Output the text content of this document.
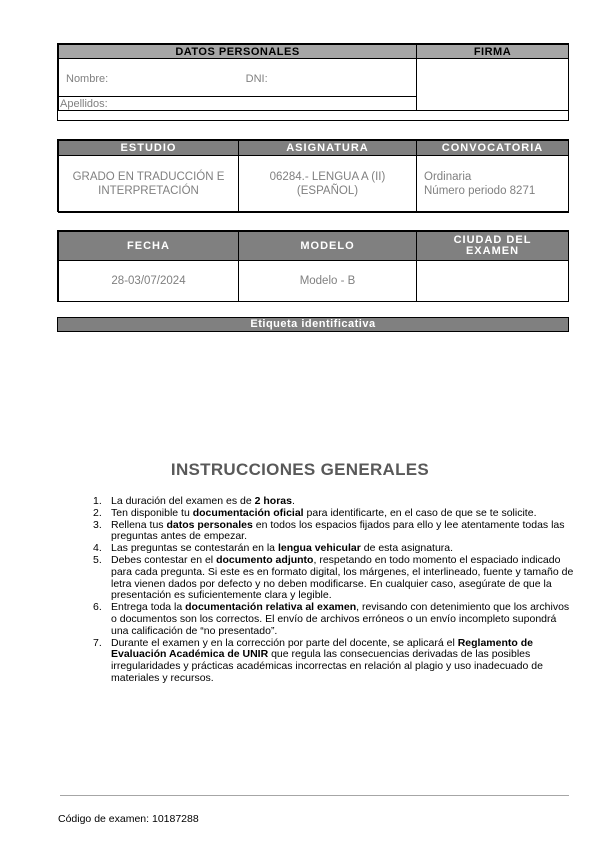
DATOS PERSONALES	FIRMA
Nombre: DNI:	
Apellidos:	
ESTUDIO	ASIGNATURA	CONVOCATORIA
GRADO EN TRADUCCIÓN E INTERPRETACIÓN	06284.- LENGUA A (II) (ESPAÑOL)	Ordinaria
Número periodo 8271
FECHA	MODELO	CIUDAD DEL EXAMEN
28-03/07/2024	Modelo - B	
Etiqueta identificativa
INSTRUCCIONES GENERALES
1. La duración del examen es de 2 horas.
2. Ten disponible tu documentación oficial para identificarte, en el caso de que se te solicite.
3. Rellena tus datos personales en todos los espacios fijados para ello y lee atentamente todas las preguntas antes de empezar.
4. Las preguntas se contestarán en la lengua vehicular de esta asignatura.
5. Debes contestar en el documento adjunto, respetando en todo momento el espaciado indicado para cada pregunta. Si este es en formato digital, los márgenes, el interlineado, fuente y tamaño de letra vienen dados por defecto y no deben modificarse. En cualquier caso, asegúrate de que la presentación es suficientemente clara y legible.
6. Entrega toda la documentación relativa al examen, revisando con detenimiento que los archivos o documentos son los correctos. El envío de archivos erróneos o un envío incompleto supondrá una calificación de “no presentado”.
7. Durante el examen y en la corrección por parte del docente, se aplicará el Reglamento de Evaluación Académica de UNIR que regula las consecuencias derivadas de las posibles irregularidades y prácticas académicas incorrectas en relación al plagio y uso inadecuado de materiales y recursos.
Código de examen: 10187288
